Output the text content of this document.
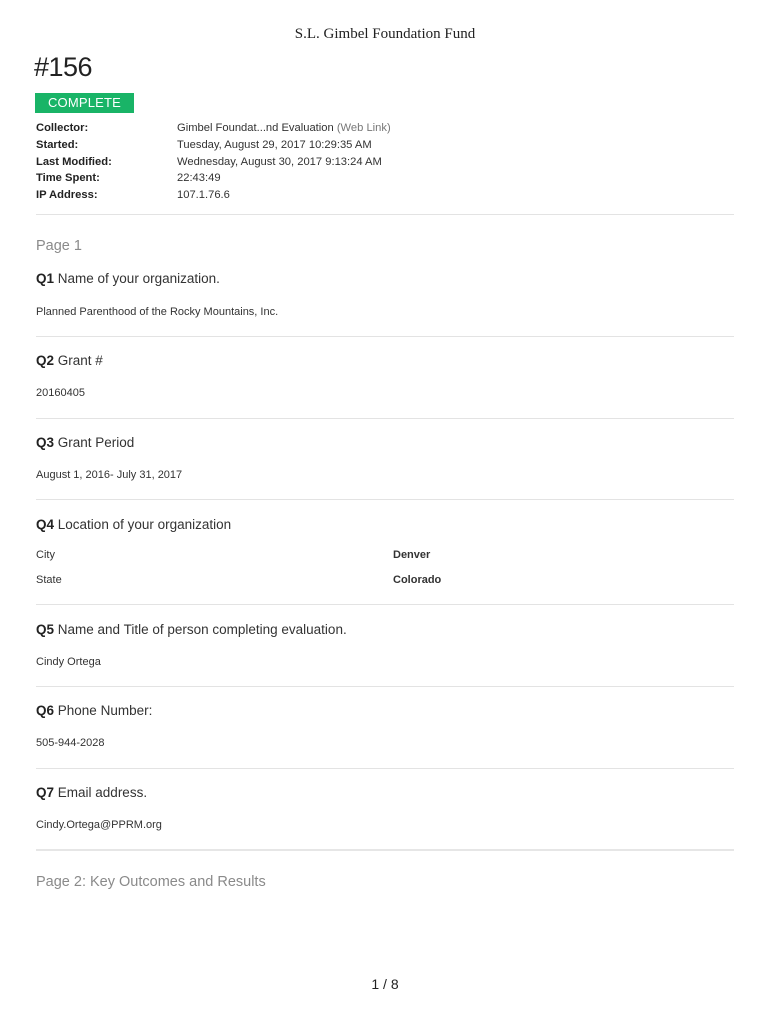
S.L. Gimbel Foundation Fund
#156
COMPLETE
Collector:	Gimbel Foundat...nd Evaluation (Web Link)
Started:	Tuesday, August 29, 2017 10:29:35 AM
Last Modified:	Wednesday, August 30, 2017 9:13:24 AM
Time Spent:	22:43:49
IP Address:	107.1.76.6
Page 1
Q1 Name of your organization.
Planned Parenthood of the Rocky Mountains, Inc.
Q2 Grant #
20160405
Q3 Grant Period
August 1, 2016- July 31, 2017
Q4 Location of your organization
City	Denver
State	Colorado
Q5 Name and Title of person completing evaluation.
Cindy Ortega
Q6 Phone Number:
505-944-2028
Q7 Email address.
Cindy.Ortega@PPRM.org
Page 2: Key Outcomes and Results
1 / 8
